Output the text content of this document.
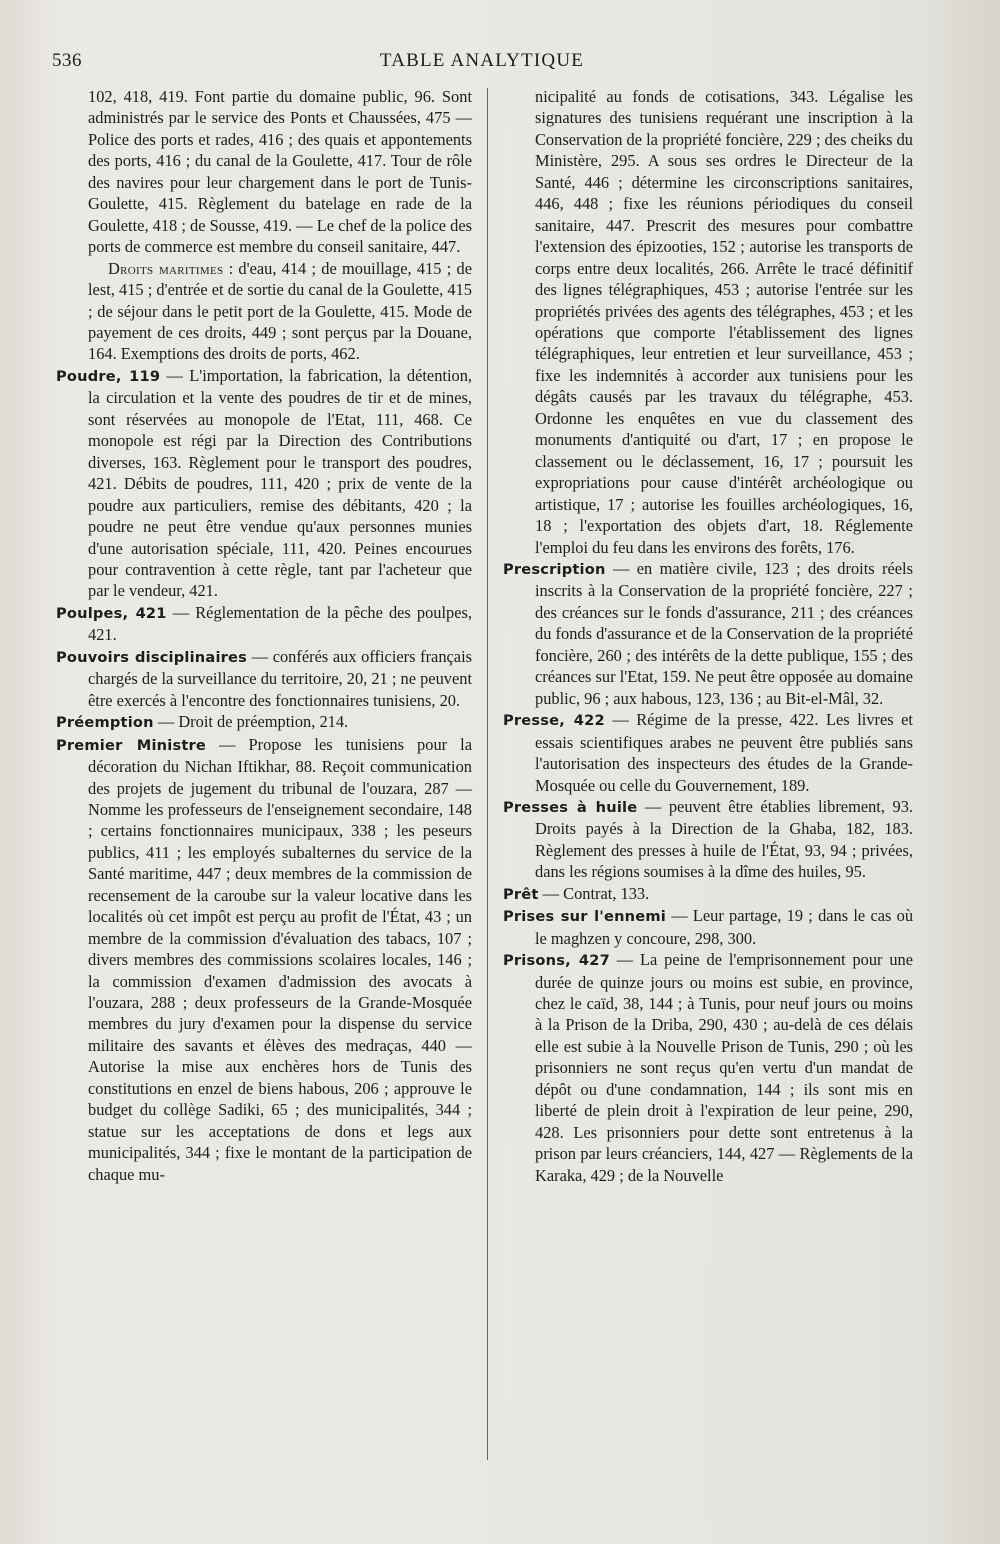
536	TABLE ANALYTIQUE

102, 418, 419. Font partie du domaine public, 96. Sont administrés par le service des Ponts et Chaussées, 475 — Police des ports et rades, 416 ; des quais et appontements des ports, 416 ; du canal de la Goulette, 417. Tour de rôle des navires pour leur chargement dans le port de Tunis-Goulette, 415. Règlement du batelage en rade de la Goulette, 418 ; de Sousse, 419. — Le chef de la police des ports de commerce est membre du conseil sanitaire, 447.

Droits maritimes : d'eau, 414 ; de mouillage, 415 ; de lest, 415 ; d'entrée et de sortie du canal de la Goulette, 415 ; de séjour dans le petit port de la Goulette, 415. Mode de payement de ces droits, 449 ; sont perçus par la Douane, 164. Exemptions des droits de ports, 462.

Poudre, 119 — L'importation, la fabrication, la détention, la circulation et la vente des poudres de tir et de mines, sont réservées au monopole de l'Etat, 111, 468. Ce monopole est régi par la Direction des Contributions diverses, 163. Règlement pour le transport des poudres, 421. Débits de poudres, 111, 420 ; prix de vente de la poudre aux particuliers, remise des débitants, 420 ; la poudre ne peut être vendue qu'aux personnes munies d'une autorisation spéciale, 111, 420. Peines encourues pour contravention à cette règle, tant par l'acheteur que par le vendeur, 421.

Poulpes, 421 — Réglementation de la pêche des poulpes, 421.

Pouvoirs disciplinaires — conférés aux officiers français chargés de la surveillance du territoire, 20, 21 ; ne peuvent être exercés à l'encontre des fonctionnaires tunisiens, 20.

Préemption — Droit de préemption, 214.

Premier Ministre — Propose les tunisiens pour la décoration du Nichan Iftikhar, 88. Reçoit communication des projets de jugement du tribunal de l'ouzara, 287 — Nomme les professeurs de l'enseignement secondaire, 148 ; certains fonctionnaires municipaux, 338 ; les peseurs publics, 411 ; les employés subalternes du service de la Santé maritime, 447 ; deux membres de la commission de recensement de la caroube sur la valeur locative dans les localités où cet impôt est perçu au profit de l'État, 43 ; un membre de la commission d'évaluation des tabacs, 107 ; divers membres des commissions scolaires locales, 146 ; la commission d'examen d'admission des avocats à l'ouzara, 288 ; deux professeurs de la Grande-Mosquée membres du jury d'examen pour la dispense du service militaire des savants et élèves des medraças, 440 — Autorise la mise aux enchères hors de Tunis des constitutions en enzel de biens habous, 206 ; approuve le budget du collège Sadiki, 65 ; des municipalités, 344 ; statue sur les acceptations de dons et legs aux municipalités, 344 ; fixe le montant de la participation de chaque mu-

nicipalité au fonds de cotisations, 343. Légalise les signatures des tunisiens requérant une inscription à la Conservation de la propriété foncière, 229 ; des cheiks du Ministère, 295. A sous ses ordres le Directeur de la Santé, 446 ; détermine les circonscriptions sanitaires, 446, 448 ; fixe les réunions périodiques du conseil sanitaire, 447. Prescrit des mesures pour combattre l'extension des épizooties, 152 ; autorise les transports de corps entre deux localités, 266. Arrête le tracé définitif des lignes télégraphiques, 453 ; autorise l'entrée sur les propriétés privées des agents des télégraphes, 453 ; et les opérations que comporte l'établissement des lignes télégraphiques, leur entretien et leur surveillance, 453 ; fixe les indemnités à accorder aux tunisiens pour les dégâts causés par les travaux du télégraphe, 453. Ordonne les enquêtes en vue du classement des monuments d'antiquité ou d'art, 17 ; en propose le classement ou le déclassement, 16, 17 ; poursuit les expropriations pour cause d'intérêt archéologique ou artistique, 17 ; autorise les fouilles archéologiques, 16, 18 ; l'exportation des objets d'art, 18. Réglemente l'emploi du feu dans les environs des forêts, 176.

Prescription — en matière civile, 123 ; des droits réels inscrits à la Conservation de la propriété foncière, 227 ; des créances sur le fonds d'assurance, 211 ; des créances du fonds d'assurance et de la Conservation de la propriété foncière, 260 ; des intérêts de la dette publique, 155 ; des créances sur l'Etat, 159. Ne peut être opposée au domaine public, 96 ; aux habous, 123, 136 ; au Bit-el-Mâl, 32.

Presse, 422 — Régime de la presse, 422. Les livres et essais scientifiques arabes ne peuvent être publiés sans l'autorisation des inspecteurs des études de la Grande-Mosquée ou celle du Gouvernement, 189.

Presses à huile — peuvent être établies librement, 93. Droits payés à la Direction de la Ghaba, 182, 183. Règlement des presses à huile de l'État, 93, 94 ; privées, dans les régions soumises à la dîme des huiles, 95.

Prêt — Contrat, 133.

Prises sur l'ennemi — Leur partage, 19 ; dans le cas où le maghzen y concoure, 298, 300.

Prisons, 427 — La peine de l'emprisonnement pour une durée de quinze jours ou moins est subie, en province, chez le caïd, 38, 144 ; à Tunis, pour neuf jours ou moins à la Prison de la Driba, 290, 430 ; au-delà de ces délais elle est subie à la Nouvelle Prison de Tunis, 290 ; où les prisonniers ne sont reçus qu'en vertu d'un mandat de dépôt ou d'une condamnation, 144 ; ils sont mis en liberté de plein droit à l'expiration de leur peine, 290, 428. Les prisonniers pour dette sont entretenus à la prison par leurs créanciers, 144, 427 — Règlements de la Karaka, 429 ; de la Nouvelle
